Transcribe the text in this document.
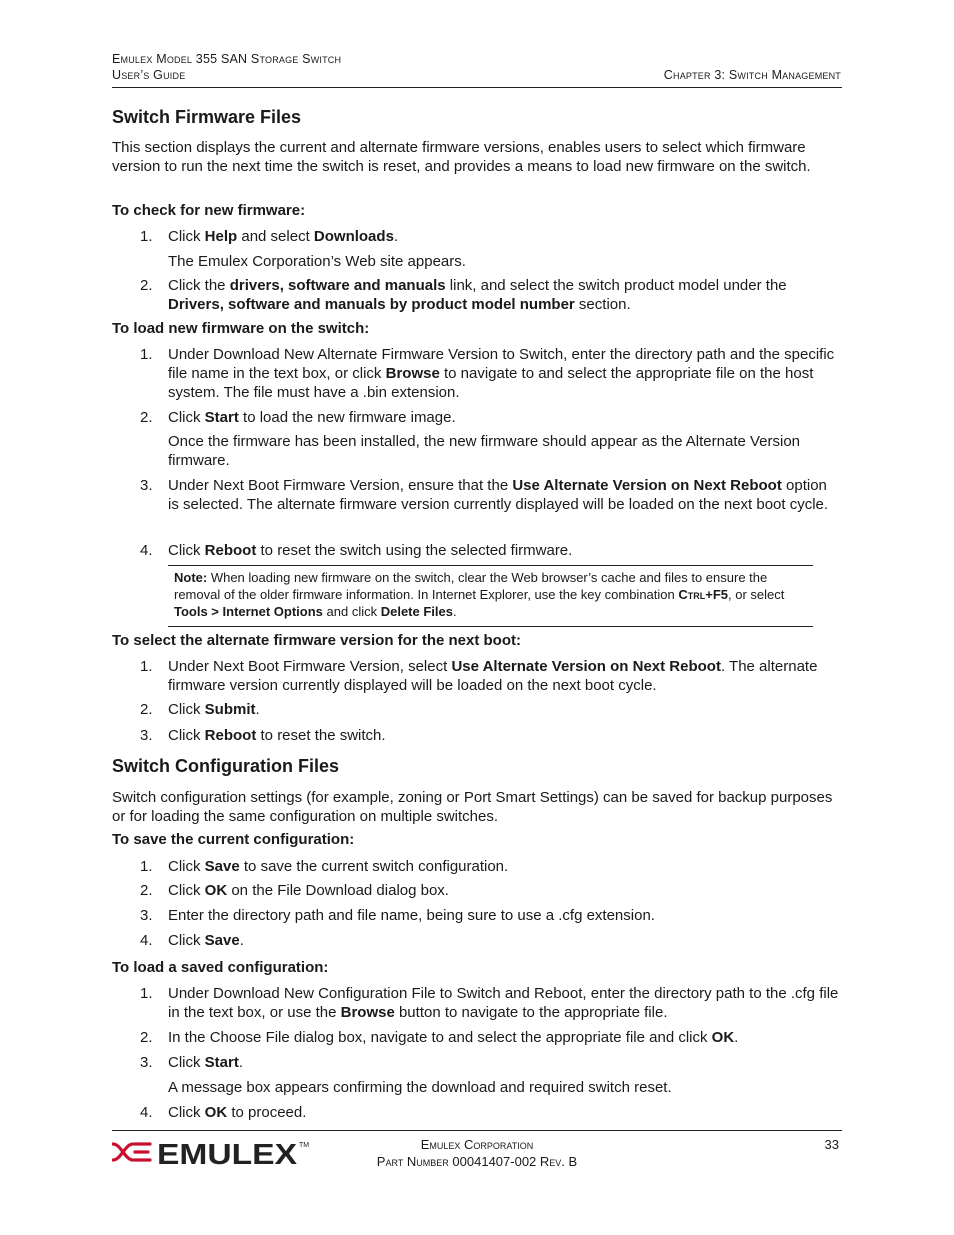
Emulex Model 355 SAN Storage Switch
User’s Guide	Chapter 3: Switch Management
Switch Firmware Files

This section displays the current and alternate firmware versions, enables users to select which firmware version to run the next time the switch is reset, and provides a means to load new firmware on the switch.

To check for new firmware:
1. Click Help and select Downloads.
The Emulex Corporation’s Web site appears.
2. Click the drivers, software and manuals link, and select the switch product model under the Drivers, software and manuals by product model number section.
To load new firmware on the switch:
1. Under Download New Alternate Firmware Version to Switch, enter the directory path and the specific file name in the text box, or click Browse to navigate to and select the appropriate file on the host system. The file must have a .bin extension.
2. Click Start to load the new firmware image.
Once the firmware has been installed, the new firmware should appear as the Alternate Version firmware.
3. Under Next Boot Firmware Version, ensure that the Use Alternate Version on Next Reboot option is selected. The alternate firmware version currently displayed will be loaded on the next boot cycle.
4. Click Reboot to reset the switch using the selected firmware.
Note: When loading new firmware on the switch, clear the Web browser’s cache and files to ensure the removal of the older firmware information. In Internet Explorer, use the key combination Ctrl+F5, or select Tools > Internet Options and click Delete Files.
To select the alternate firmware version for the next boot:
1. Under Next Boot Firmware Version, select Use Alternate Version on Next Reboot. The alternate firmware version currently displayed will be loaded on the next boot cycle.
2. Click Submit.
3. Click Reboot to reset the switch.
Switch Configuration Files

Switch configuration settings (for example, zoning or Port Smart Settings) can be saved for backup purposes or for loading the same configuration on multiple switches.

To save the current configuration:
1. Click Save to save the current switch configuration.
2. Click OK on the File Download dialog box.
3. Enter the directory path and file name, being sure to use a .cfg extension.
4. Click Save.
To load a saved configuration:
1. Under Download New Configuration File to Switch and Reboot, enter the directory path to the .cfg file in the text box, or use the Browse button to navigate to the appropriate file.
2. In the Choose File dialog box, navigate to and select the appropriate file and click OK.
3. Click Start.
A message box appears confirming the download and required switch reset.
4. Click OK to proceed.
EMULEX TM	Emulex Corporation
Part Number 00041407-002 Rev. B
33
